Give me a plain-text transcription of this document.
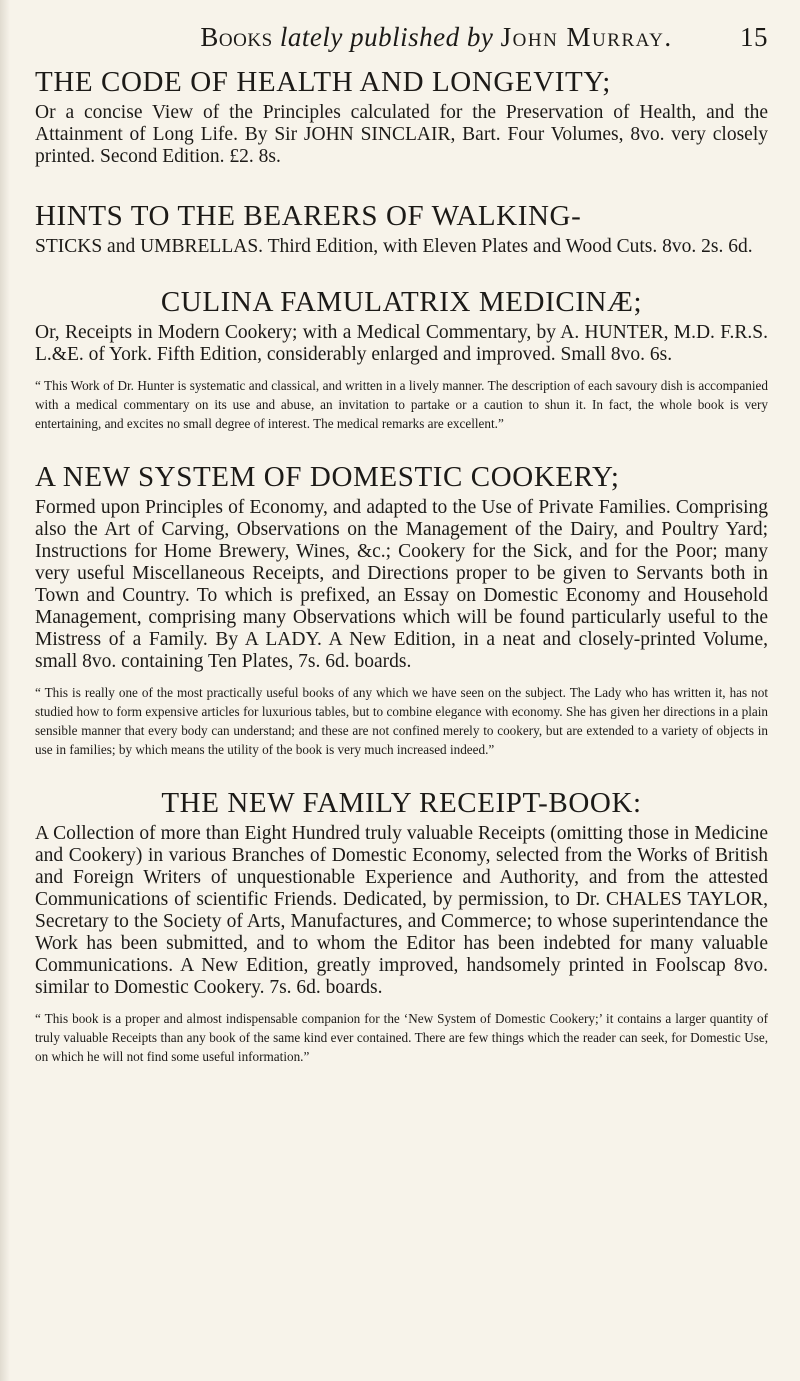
Books lately published by John Murray. 15
THE CODE OF HEALTH AND LONGEVITY;
Or a concise View of the Principles calculated for the Preservation of Health, and the Attainment of Long Life. By Sir JOHN SINCLAIR, Bart. Four Volumes, 8vo. very closely printed. Second Edition. £2. 8s.
HINTS TO THE BEARERS OF WALKING-
STICKS and UMBRELLAS. Third Edition, with Eleven Plates and Wood Cuts. 8vo. 2s. 6d.
CULINA FAMULATRIX MEDICINÆ;
Or, Receipts in Modern Cookery; with a Medical Commentary, by A. HUNTER, M.D. F.R.S. L.&E. of York. Fifth Edition, considerably enlarged and improved. Small 8vo. 6s.
“ This Work of Dr. Hunter is systematic and classical, and written in a lively manner. The description of each savoury dish is accompanied with a medical commentary on its use and abuse, an invitation to partake or a caution to shun it. In fact, the whole book is very entertaining, and excites no small degree of interest. The medical remarks are excellent.”
A NEW SYSTEM OF DOMESTIC COOKERY;
Formed upon Principles of Economy, and adapted to the Use of Private Families. Comprising also the Art of Carving, Observations on the Management of the Dairy, and Poultry Yard; Instructions for Home Brewery, Wines, &c.; Cookery for the Sick, and for the Poor; many very useful Miscellaneous Receipts, and Directions proper to be given to Servants both in Town and Country. To which is prefixed, an Essay on Domestic Economy and Household Management, comprising many Observations which will be found particularly useful to the Mistress of a Family. By A LADY. A New Edition, in a neat and closely-printed Volume, small 8vo. containing Ten Plates, 7s. 6d. boards.
“ This is really one of the most practically useful books of any which we have seen on the subject. The Lady who has written it, has not studied how to form expensive articles for luxurious tables, but to combine elegance with economy. She has given her directions in a plain sensible manner that every body can understand; and these are not confined merely to cookery, but are extended to a variety of objects in use in families; by which means the utility of the book is very much increased indeed.”
THE NEW FAMILY RECEIPT-BOOK:
A Collection of more than Eight Hundred truly valuable Receipts (omitting those in Medicine and Cookery) in various Branches of Domestic Economy, selected from the Works of British and Foreign Writers of unquestionable Experience and Authority, and from the attested Communications of scientific Friends. Dedicated, by permission, to Dr. CHALES TAYLOR, Secretary to the Society of Arts, Manufactures, and Commerce; to whose superintendance the Work has been submitted, and to whom the Editor has been indebted for many valuable Communications. A New Edition, greatly improved, handsomely printed in Foolscap 8vo. similar to Domestic Cookery. 7s. 6d. boards.
“ This book is a proper and almost indispensable companion for the ‘New System of Domestic Cookery;’ it contains a larger quantity of truly valuable Receipts than any book of the same kind ever contained. There are few things which the reader can seek, for Domestic Use, on which he will not find some useful information.”
